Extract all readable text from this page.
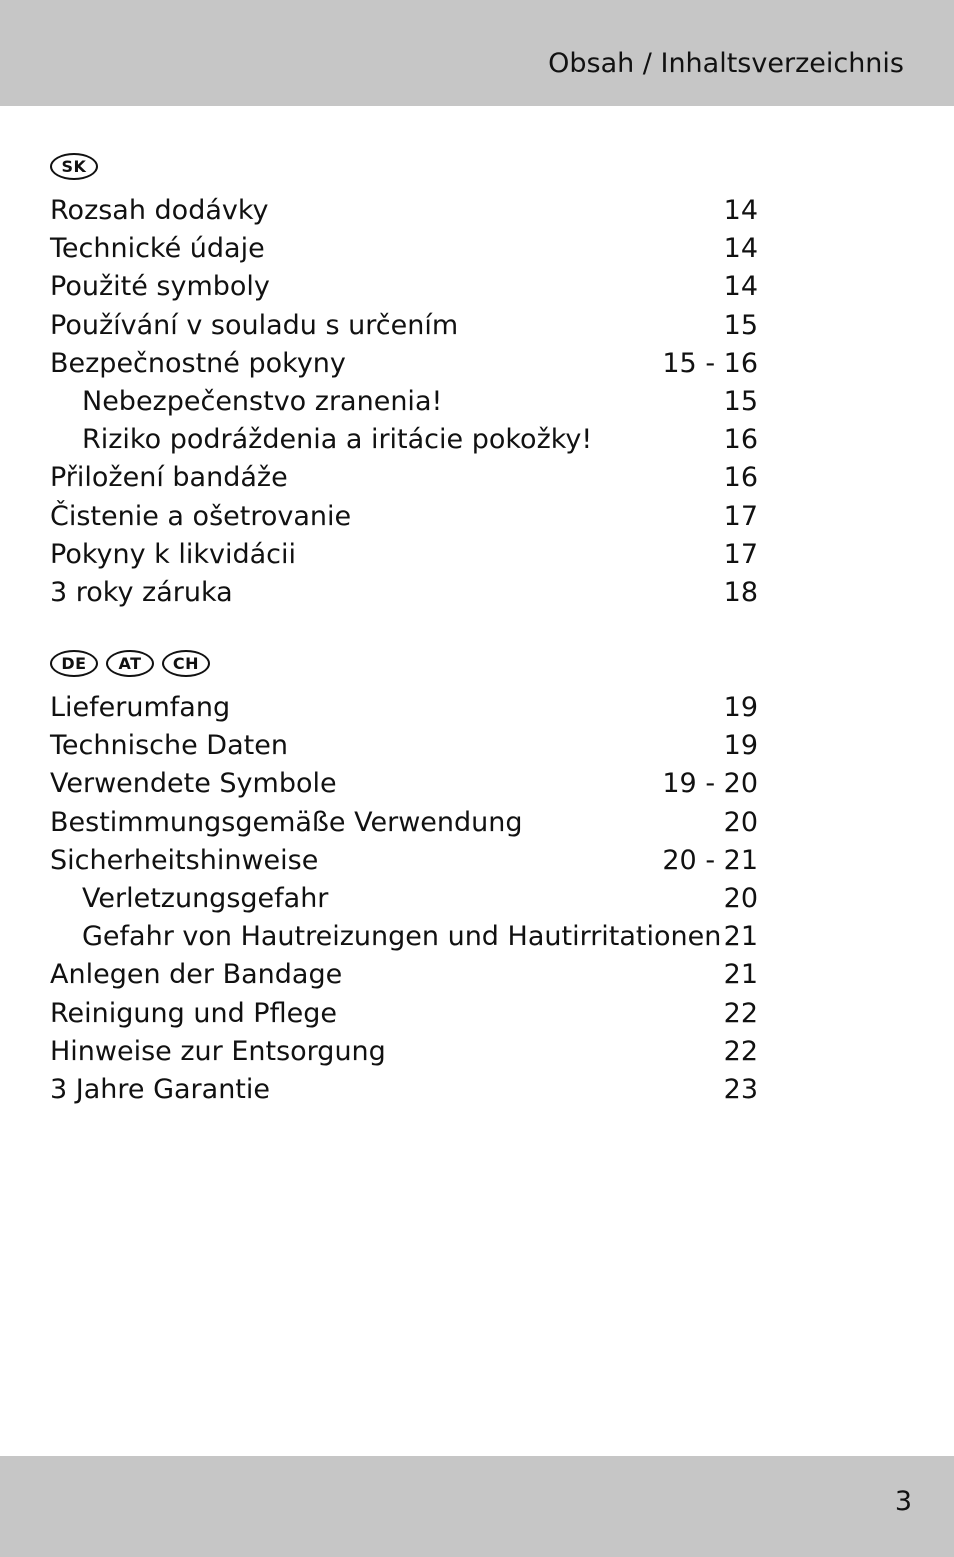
Obsah / Inhaltsverzeichnis
SK
Rozsah dodávky	14
Technické údaje	14
Použité symboly	14
Používání v souladu s určením	15
Bezpečnostné pokyny	15 - 16
Nebezpečenstvo zranenia!	15
Riziko podráždenia a iritácie pokožky!	16
Přiložení bandáže	16
Čistenie a ošetrovanie	17
Pokyny k likvidácii	17
3 roky záruka	18
DE	AT	CH
Lieferumfang	19
Technische Daten	19
Verwendete Symbole	19 - 20
Bestimmungsgemäße Verwendung	20
Sicherheitshinweise	20 - 21
Verletzungsgefahr	20
Gefahr von Hautreizungen und Hautirritationen 21
Anlegen der Bandage	21
Reinigung und Pflege	22
Hinweise zur Entsorgung	22
3 Jahre Garantie	23
3
